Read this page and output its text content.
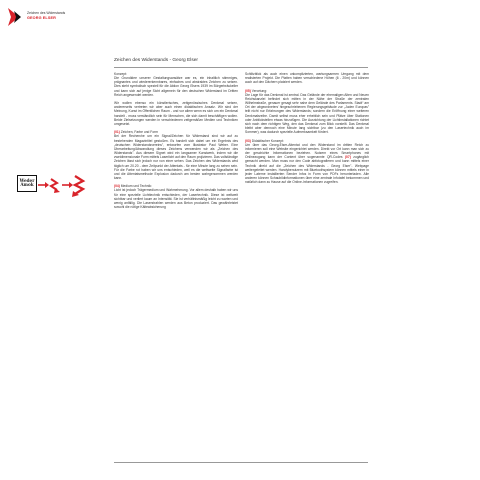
Zeichen des Widerstands
GEORG ELSER
Weder
Amok
Zeichen des Widerstands - Georg Elser

Konzept:
Die Grundidee unserer Gestaltungsansätze war es, ein inhaltlich stimmiges, prägnantes und wiedererkennbares, einfaches und abstraktes Zeichen zu setzen. Dies steht symbolisch speziell für die Aktion Georg Elsers 1939 im Bürgerbräukeller und kann sich auf jenige Sicht allgemein für den deutschen Widerstand im Dritten Reich angewendet werden.

Wir wollen ebenso ein künstlerisches, zeitgenössisches Denkmal setzen, andererseits vertreten wir aber auch einen didaktischen Ansatz. Wir sind der Meinung, Kunst im Öffentlichen Raum - und vor allem wenn es sich um ein Denkmal handelt - muss verständlich sein für Menschen, die sich damit beschäftigen wollen. Beide Zielsetzungen werden in verschiedenen zeitgemäßen Medien und Techniken umgesetzt.

(01) Zeichen, Farbe und Form
Bei der Recherche um ein Signal/Zeichen für Widerstand sind wir auf zu bestehenden Magazintitel gestoßen. Es handelt sich dabei um ein Ergebnis des „deutschen Widerstandsvereins", entworfen vom Illustrator Paul Weber. Eine Überarbeitung/Abwandlung dieses Zeichens verwenden wir als „Zeichen des Widerstands". Aus diesem Signet wird ein langsamer Kunstwerk, indem wir die zweidimensionale Form mittels Laserlicht auf den Raum projizieren. Das vollständige Zeichen lässt sich jedoch nur von einer sehen. Das Zeichen des Widerstands wird täglich um 20.20 - dem Zeitpunkt der Attentats - für eine Minute lang zu sehen sein. Für die Farbe rot haben wir uns entschieden, weil es die weltweite Signalfarbe ist und die Attentatsmethode Explosion dadurch am besten wahrgenommen werden kann.

(04) Medium und Technik:
Licht ist jedoch Trägermedium und Wahrnehmung. Vor allem deshalb haben wir uns für eine spezielle Lichttechnik entschieden, der Lasertechnik. Diese ist weltweit sichtbar und verliert kaum an Intensität. Sie ist verhältnismäßig leicht zu warten und wenig anfällig. Die Laserstrahlen werden aus Beton produziert. Das gewährleistet sowohl die nötige Kälteabsicherung

Schlitzblick als auch einen unkomplizierten, wartungsarmen Umgang mit dem realisierten Projekt. Die Platten haben verschiedene Höhen (6 - 20m) und können auch auf den Dächern platziert werden.

(05) Verortung:
Die Lage für das Denkmal ist zentral. Das Gelände der ehemaligen Alten und Neuen Reichskanzlei befindet sich mitten in der Nähe der Straße der zentralen Wilhelmstraße, genauer gesagt sehr nahe dem Gelände des Parlaments. Stadt“ am Ort der abgeordneten/ hingeschriebenen Regierungsgebäude zur „Juden Europas" teilt nicht nur Erfahrungen des Widerstands; sondern die Eröffnung einer weiteren Denkmalsreihe. Damit selbst muss eher erheblich sein und Plätze über Stationen oder Anblickstellen etwas hinzufügen. Die Ausrichtung der Lichtinstallationen richtet sich nach dem richtigen Weg, den das Denkmal zum Blick vorstellt. Das Denkmal bleibt aber dennoch eine Minute lang sichtbar (zu den Lasertechnik auch im Sommer), was dadurch spezielle Aufmerksamkeit fördert.

(03) Didaktischer Konzept:
Um über das Georg-Elser-Attentat und den Widerstand im dritten Reich zu informieren soll eine Website eingerichtet werden. Direkt vor Ort kann man sich zu der geschichte Informationen beziehen. Nutzern eines Smartphones mit Onlinezugang kann der Content über sogenannte QR-Codes (07) zugänglich gemacht werden. Man muss nur den Code abfotografieren und kann mittels einer Technik direkt auf die „Zeichen des Widerstands - Georg Elser"- Webpage weitergeleitet werden. Handybenutzern mit Bluetoothsystem können mittels einer in jeder Laterne installierten Sender Infos in Form von PDFs herunterladen. Alle anderen können Schaubildinformationen über eine zentrale Infotafel bekommen und natürlich dann zu Hause auf die Online-Informationen zugreifen.
